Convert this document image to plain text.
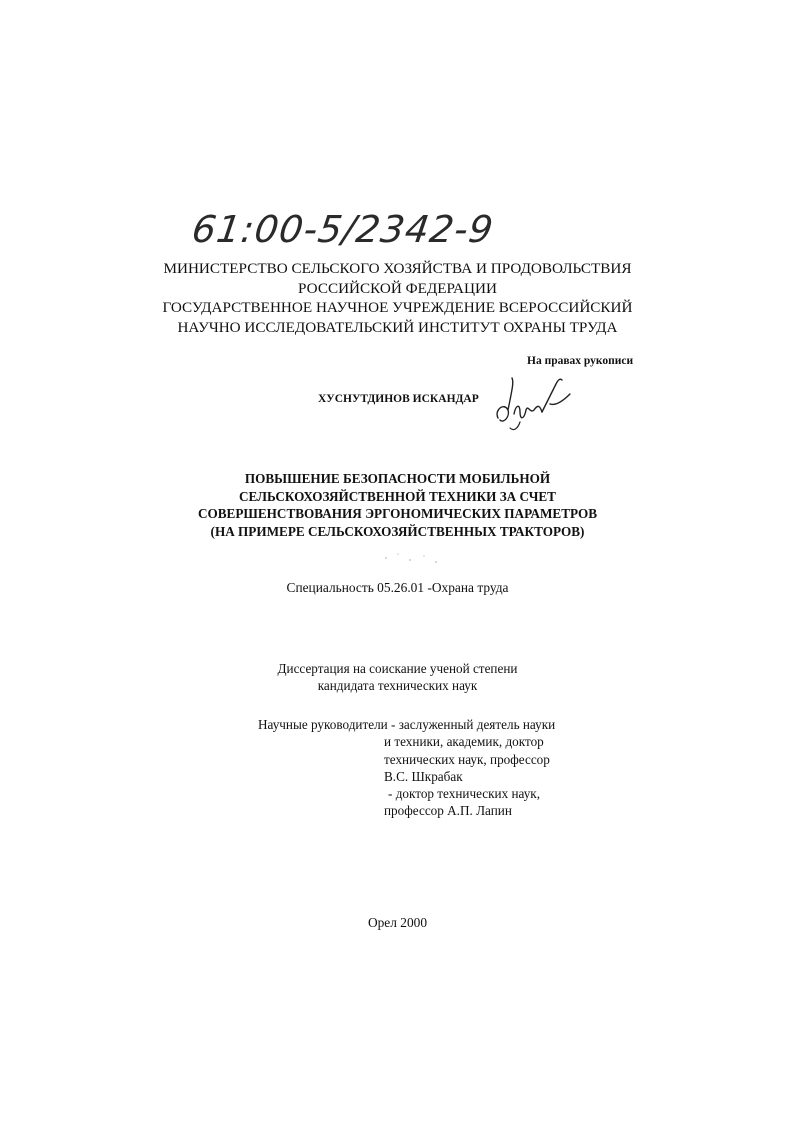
61:00-5/2342-9
МИНИСТЕРСТВО СЕЛЬСКОГО ХОЗЯЙСТВА И ПРОДОВОЛЬСТВИЯ
РОССИЙСКОЙ ФЕДЕРАЦИИ
ГОСУДАРСТВЕННОЕ НАУЧНОЕ УЧРЕЖДЕНИЕ ВСЕРОССИЙСКИЙ
НАУЧНО ИССЛЕДОВАТЕЛЬСКИЙ ИНСТИТУТ ОХРАНЫ ТРУДА
На правах рукописи
ХУСНУТДИНОВ ИСКАНДАР
ПОВЫШЕНИЕ БЕЗОПАСНОСТИ МОБИЛЬНОЙ
СЕЛЬСКОХОЗЯЙСТВЕННОЙ ТЕХНИКИ ЗА СЧЕТ
СОВЕРШЕНСТВОВАНИЯ ЭРГОНОМИЧЕСКИХ ПАРАМЕТРОВ
(НА ПРИМЕРЕ СЕЛЬСКОХОЗЯЙСТВЕННЫХ ТРАКТОРОВ)
Специальность 05.26.01 -Охрана труда
Диссертация на соискание ученой степени
кандидата технических наук
Научные руководители - заслуженный деятель науки
и техники, академик, доктор
технических наук, профессор
В.С. Шкрабак
- доктор технических наук,
профессор А.П. Лапин
Орел 2000
